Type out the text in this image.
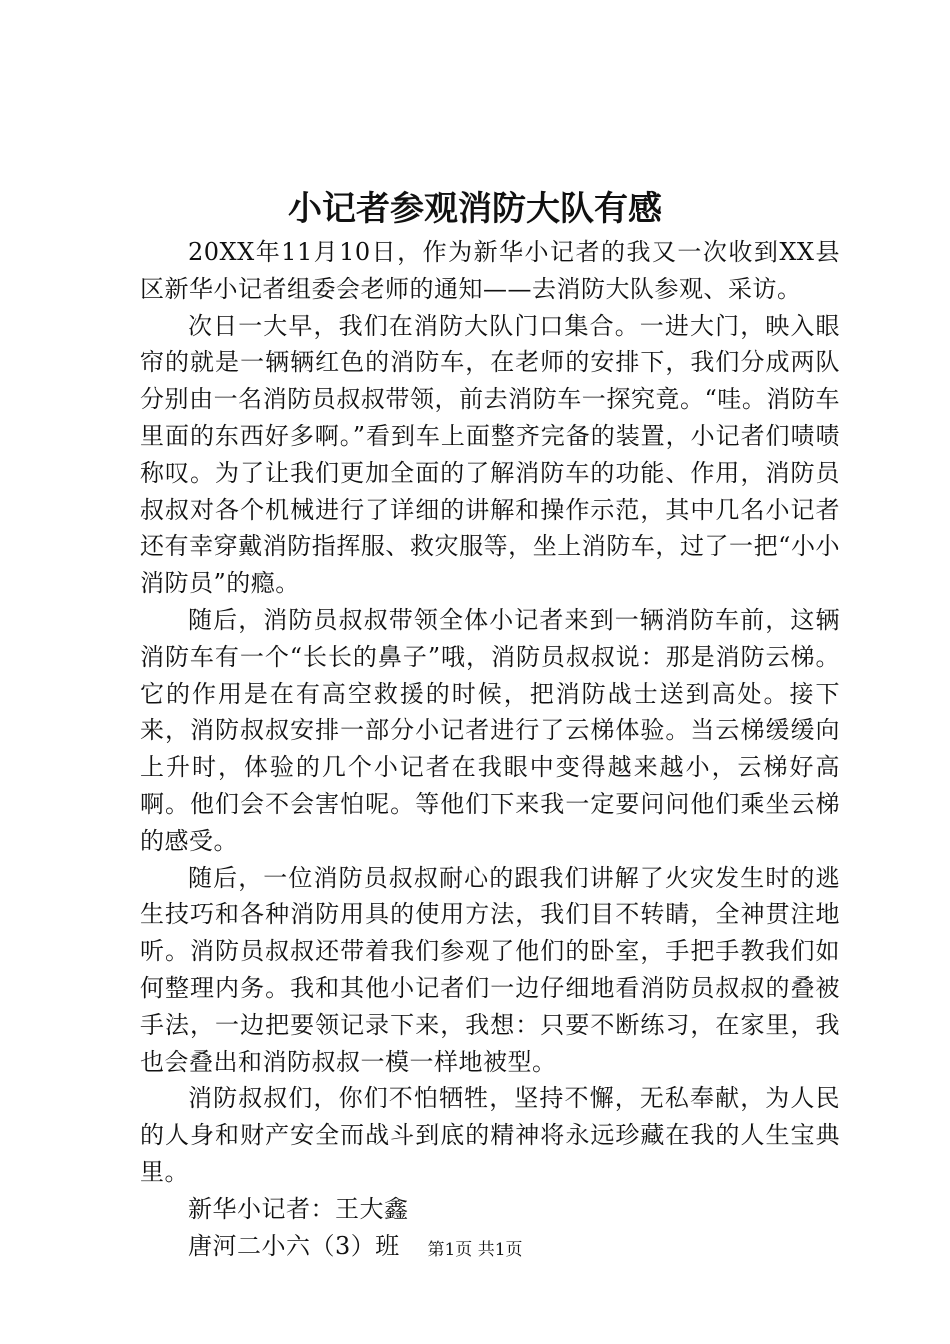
小记者参观消防大队有感

20XX年11月10日，作为新华小记者的我又一次收到XX县区新华小记者组委会老师的通知——去消防大队参观、采访。

次日一大早，我们在消防大队门口集合。一进大门，映入眼帘的就是一辆辆红色的消防车，在老师的安排下，我们分成两队分别由一名消防员叔叔带领，前去消防车一探究竟。“哇。消防车里面的东西好多啊。”看到车上面整齐完备的装置，小记者们啧啧称叹。为了让我们更加全面的了解消防车的功能、作用，消防员叔叔对各个机械进行了详细的讲解和操作示范，其中几名小记者还有幸穿戴消防指挥服、救灾服等，坐上消防车，过了一把“小小消防员”的瘾。

随后，消防员叔叔带领全体小记者来到一辆消防车前，这辆消防车有一个“长长的鼻子”哦，消防员叔叔说：那是消防云梯。它的作用是在有高空救援的时候，把消防战士送到高处。接下来，消防叔叔安排一部分小记者进行了云梯体验。当云梯缓缓向上升时，体验的几个小记者在我眼中变得越来越小，云梯好高啊。他们会不会害怕呢。等他们下来我一定要问问他们乘坐云梯的感受。

随后，一位消防员叔叔耐心的跟我们讲解了火灾发生时的逃生技巧和各种消防用具的使用方法，我们目不转睛，全神贯注地听。消防员叔叔还带着我们参观了他们的卧室，手把手教我们如何整理内务。我和其他小记者们一边仔细地看消防员叔叔的叠被手法，一边把要领记录下来，我想：只要不断练习，在家里，我也会叠出和消防叔叔一模一样地被型。

消防叔叔们，你们不怕牺牲，坚持不懈，无私奉献，为人民的人身和财产安全而战斗到底的精神将永远珍藏在我的人生宝典里。

新华小记者：王大鑫

唐河二小六（3）班	第1页 共1页
